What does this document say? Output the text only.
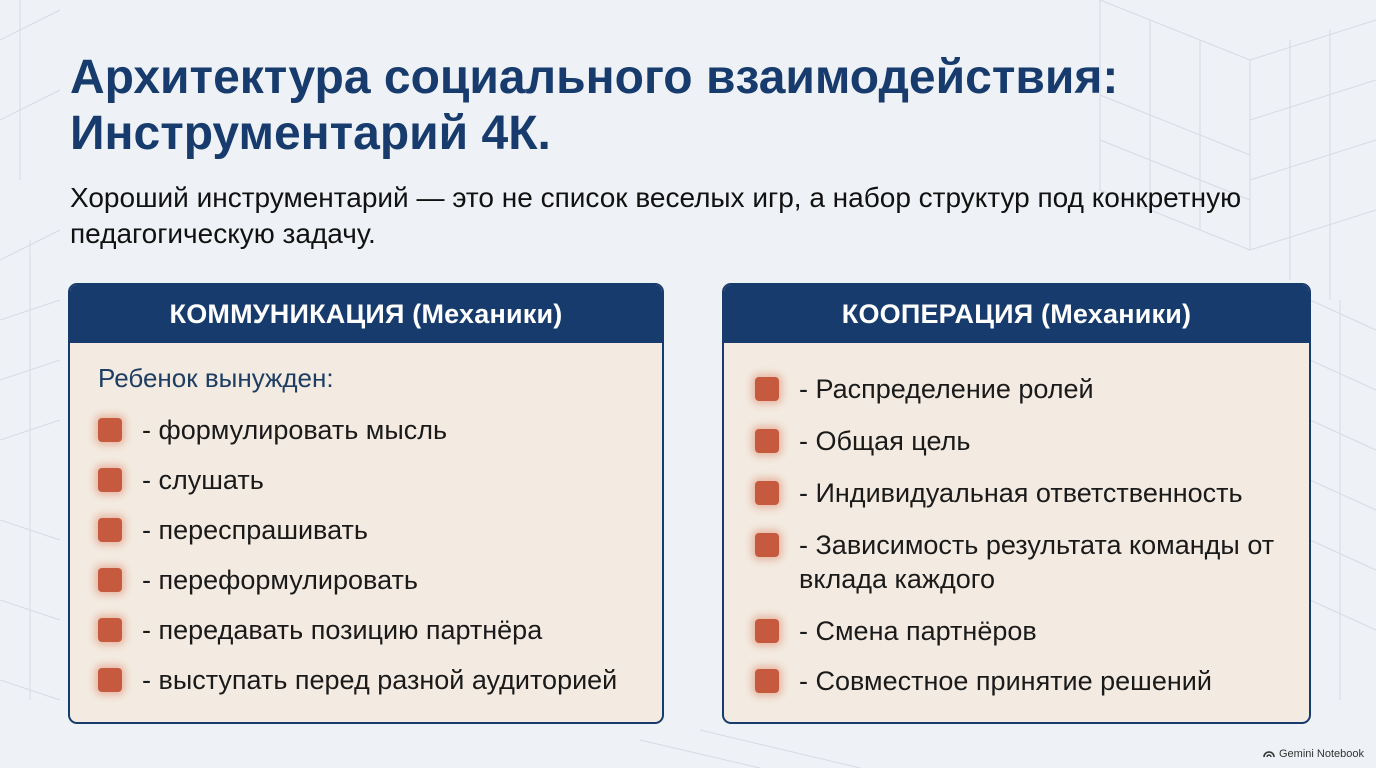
Архитектура социального взаимодействия: Инструментарий 4К.

Хороший инструментарий — это не список веселых игр, а набор структур под конкретную педагогическую задачу.

КОММУНИКАЦИЯ (Механики)
Ребенок вынужден:
- формулировать мысль
- слушать
- переспрашивать
- переформулировать
- передавать позицию партнёра
- выступать перед разной аудиторией
КООПЕРАЦИЯ (Механики)
- Распределение ролей
- Общая цель
- Индивидуальная ответственность
- Зависимость результата команды от вклада каждого
- Смена партнёров
- Совместное принятие решений
Gemini Notebook
